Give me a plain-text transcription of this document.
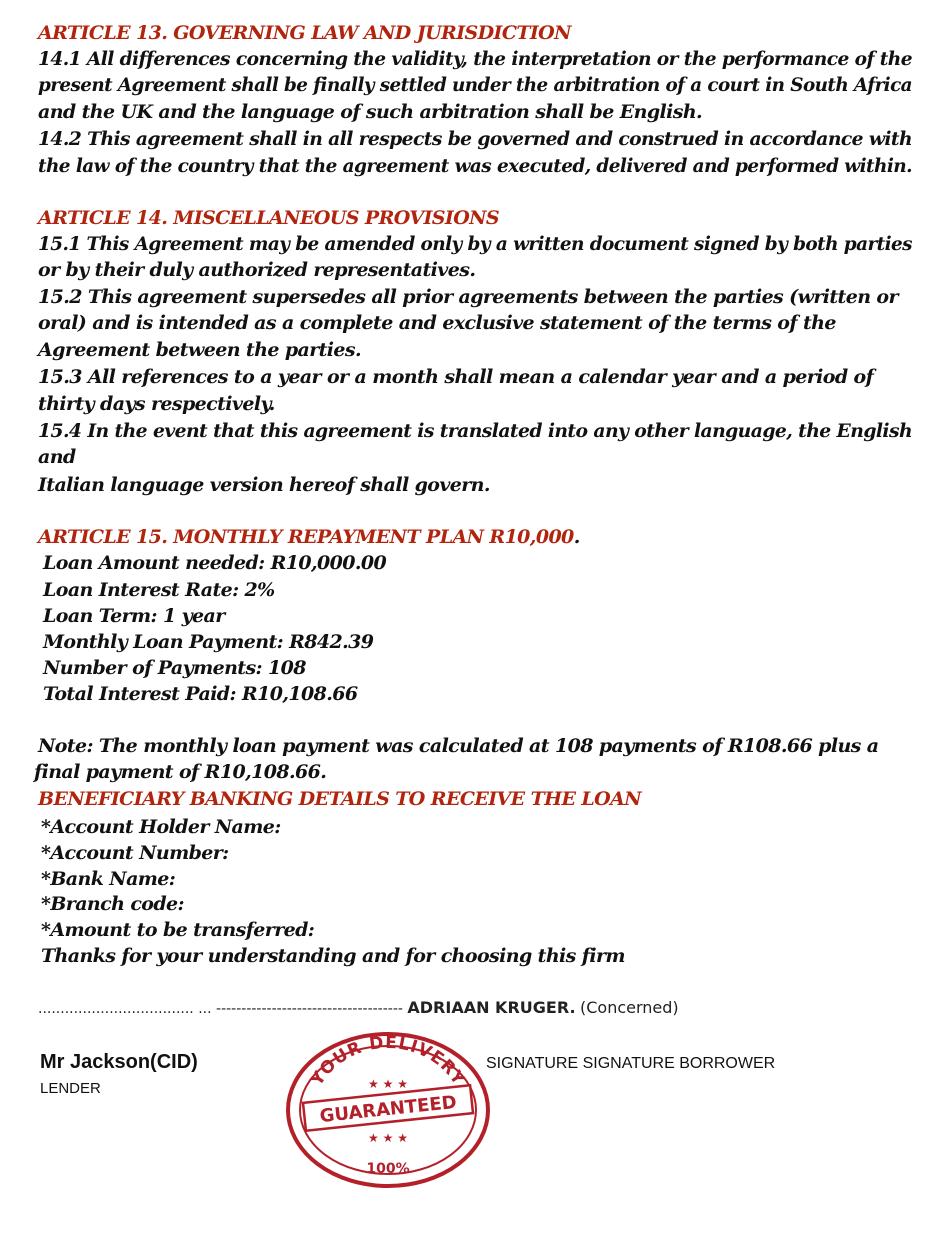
ARTICLE 13. GOVERNING LAW AND JURISDICTION
14.1 All differences concerning the validity, the interpretation or the performance of the
present Agreement shall be finally settled under the arbitration of a court in South Africa
and the UK and the language of such arbitration shall be English.
14.2 This agreement shall in all respects be governed and construed in accordance with
the law of the country that the agreement was executed, delivered and performed within.
ARTICLE 14. MISCELLANEOUS PROVISIONS
15.1 This Agreement may be amended only by a written document signed by both parties
or by their duly authorized representatives.
15.2 This agreement supersedes all prior agreements between the parties (written or
oral) and is intended as a complete and exclusive statement of the terms of the
Agreement between the parties.
15.3 All references to a year or a month shall mean a calendar year and a period of
thirty days respectively.
15.4 In the event that this agreement is translated into any other language, the English
and
Italian language version hereof shall govern.
ARTICLE 15. MONTHLY REPAYMENT PLAN R10,000.
Loan Amount needed: R10,000.00
Loan Interest Rate: 2%
Loan Term: 1 year
Monthly Loan Payment: R842.39
Number of Payments: 108
Total Interest Paid: R10,108.66
Note: The monthly loan payment was calculated at 108 payments of R108.66 plus a
final payment of R10,108.66.
BENEFICIARY BANKING DETAILS TO RECEIVE THE LOAN
*Account Holder Name:
*Account Number:
*Bank Name:
*Branch code:
*Amount to be transferred:
Thanks for your understanding and for choosing this firm
................................... ... ------------------------------------- ADRIAAN KRUGER. (Concerned)
Mr Jackson(CID)
LENDER
SIGNATURE SIGNATURE BORROWER
YOUR DELIVERY
★ ★ ★
GUARANTEED
★ ★ ★
100%
